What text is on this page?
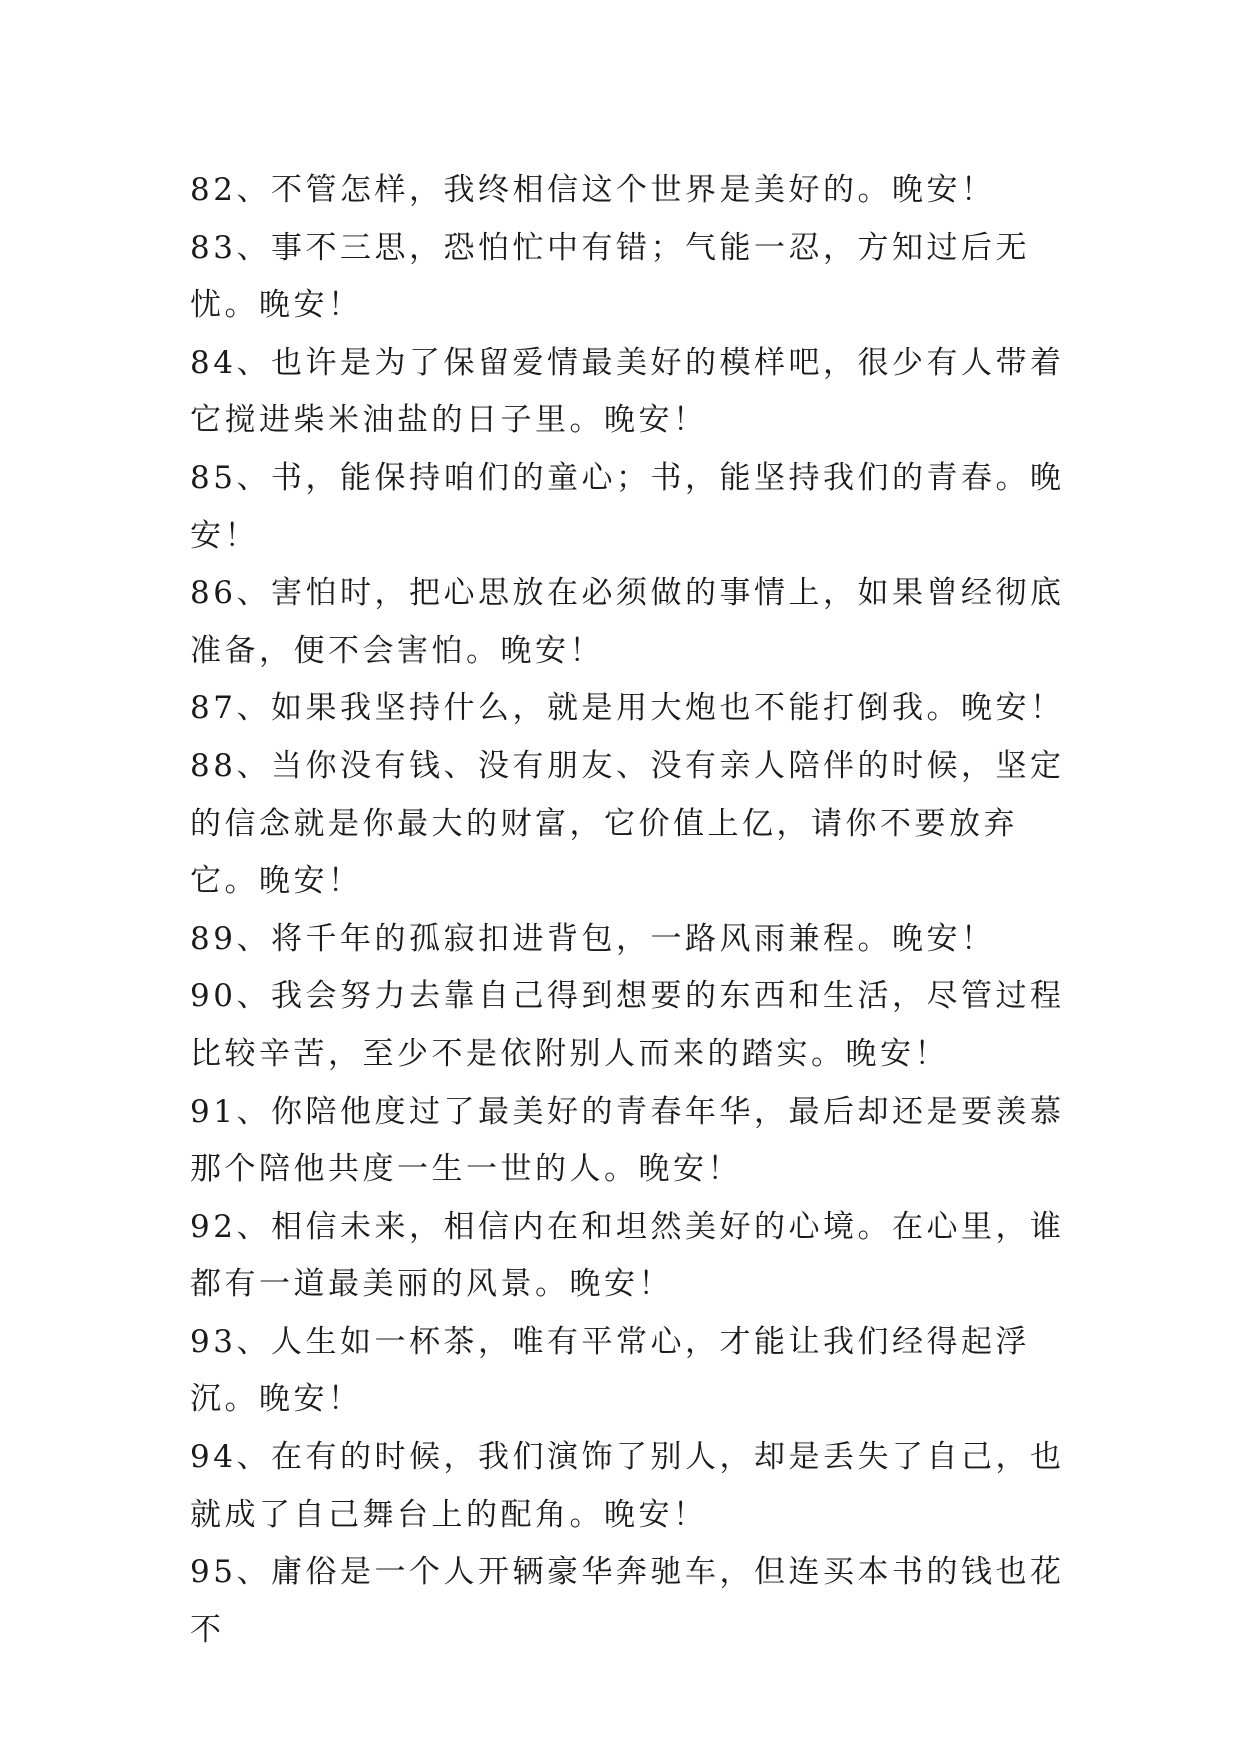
82、不管怎样，我终相信这个世界是美好的。晚安！

83、事不三思，恐怕忙中有错；气能一忍，方知过后无忧。晚安！

84、也许是为了保留爱情最美好的模样吧，很少有人带着它搅进柴米油盐的日子里。晚安！

85、书，能保持咱们的童心；书，能坚持我们的青春。晚安！

86、害怕时，把心思放在必须做的事情上，如果曾经彻底准备，便不会害怕。晚安！

87、如果我坚持什么，就是用大炮也不能打倒我。晚安！

88、当你没有钱、没有朋友、没有亲人陪伴的时候，坚定的信念就是你最大的财富，它价值上亿，请你不要放弃它。晚安！

89、将千年的孤寂扣进背包，一路风雨兼程。晚安！

90、我会努力去靠自己得到想要的东西和生活，尽管过程比较辛苦，至少不是依附别人而来的踏实。晚安！

91、你陪他度过了最美好的青春年华，最后却还是要羡慕那个陪他共度一生一世的人。晚安！

92、相信未来，相信内在和坦然美好的心境。在心里，谁都有一道最美丽的风景。晚安！

93、人生如一杯茶，唯有平常心，才能让我们经得起浮沉。晚安！

94、在有的时候，我们演饰了别人，却是丢失了自己，也就成了自己舞台上的配角。晚安！

95、庸俗是一个人开辆豪华奔驰车，但连买本书的钱也花不
